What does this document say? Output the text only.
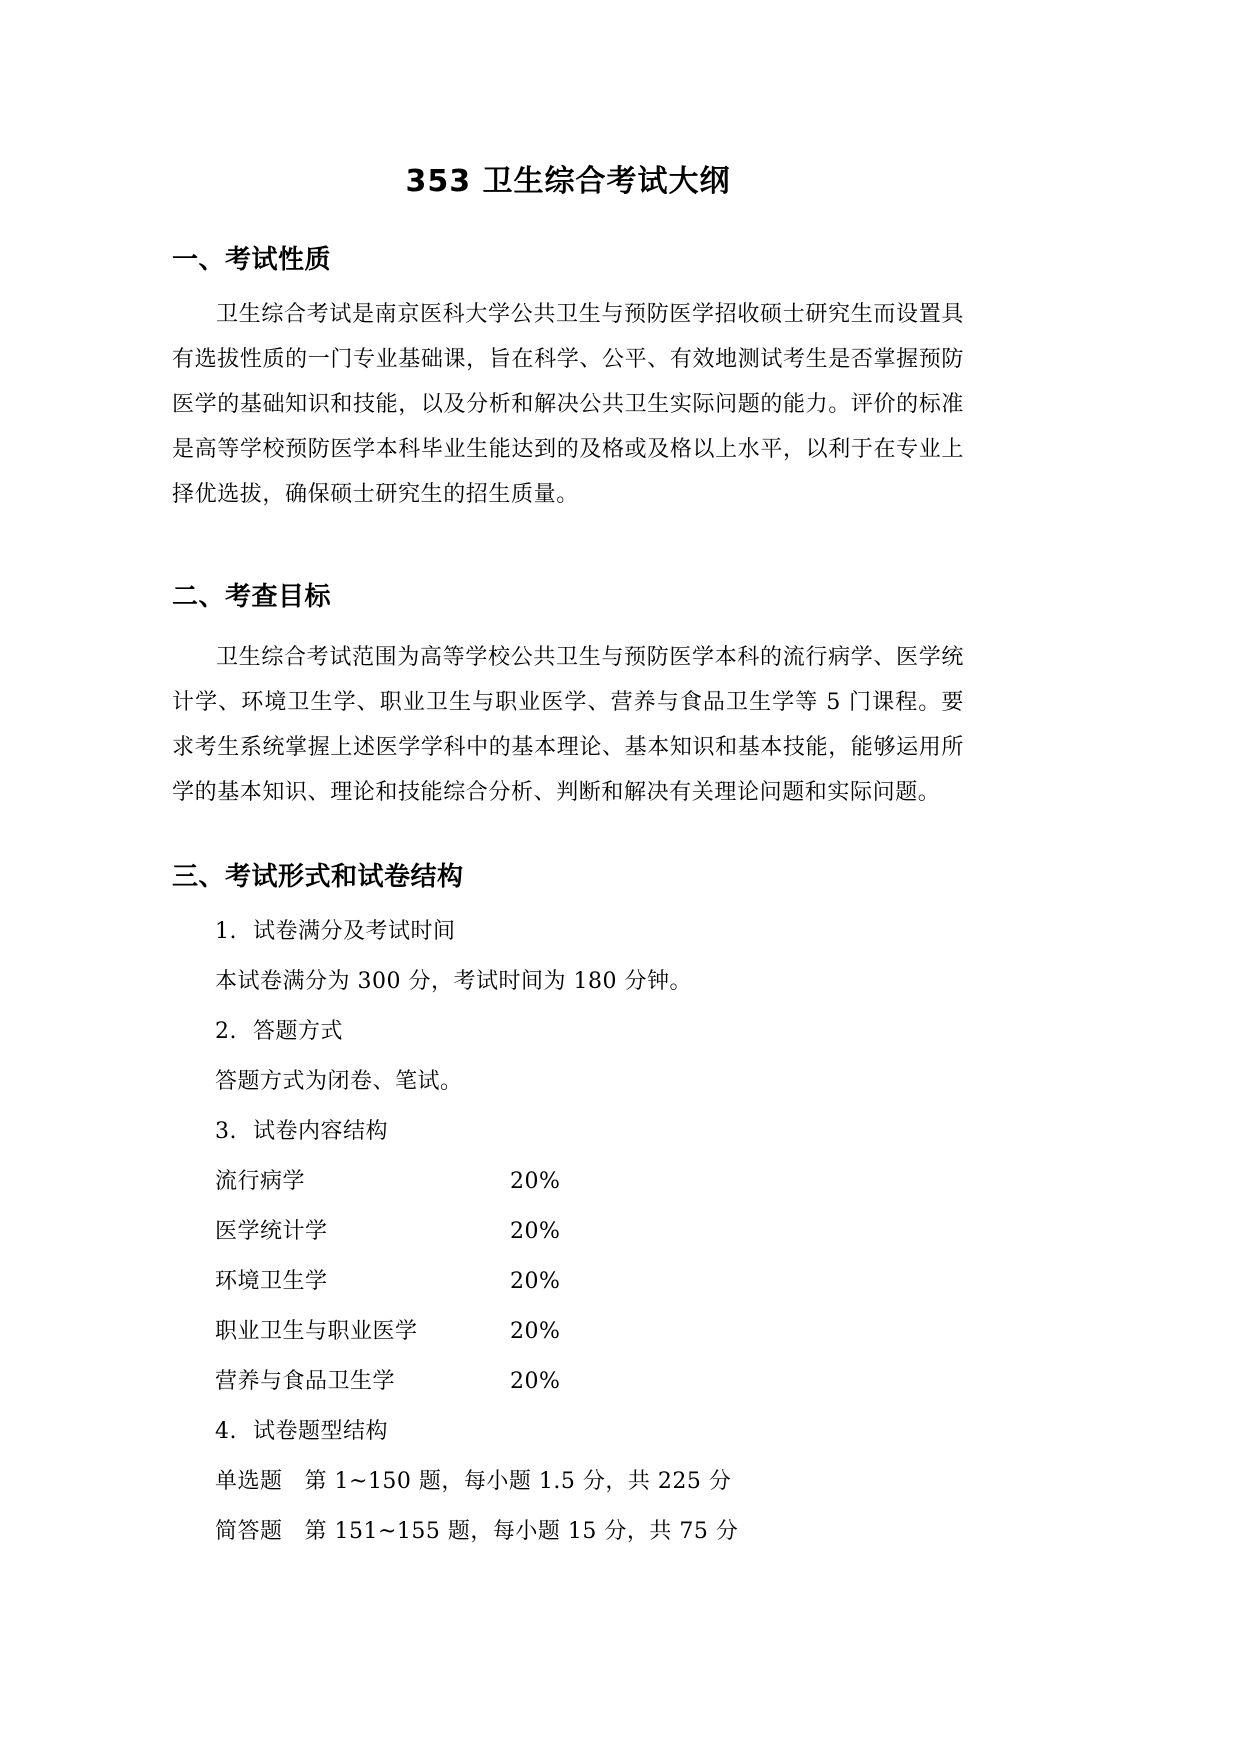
353 卫生综合考试大纲
一、考试性质

卫生综合考试是南京医科大学公共卫生与预防医学招收硕士研究生而设置具有选拔性质的一门专业基础课，旨在科学、公平、有效地测试考生是否掌握预防医学的基础知识和技能，以及分析和解决公共卫生实际问题的能力。评价的标准是高等学校预防医学本科毕业生能达到的及格或及格以上水平，以利于在专业上择优选拔，确保硕士研究生的招生质量。

二、考查目标

卫生综合考试范围为高等学校公共卫生与预防医学本科的流行病学、医学统计学、环境卫生学、职业卫生与职业医学、营养与食品卫生学等 5 门课程。要求考生系统掌握上述医学学科中的基本理论、基本知识和基本技能，能够运用所学的基本知识、理论和技能综合分析、判断和解决有关理论问题和实际问题。

三、考试形式和试卷结构
1. 试卷满分及考试时间
本试卷满分为 300 分，考试时间为 180 分钟。
2. 答题方式
答题方式为闭卷、笔试。
3. 试卷内容结构
流行病学	20%
医学统计学	20%
环境卫生学	20%
职业卫生与职业医学	20%
营养与食品卫生学	20%
4. 试卷题型结构
单选题 第 1~150 题，每小题 1.5 分，共 225 分
简答题 第 151~155 题，每小题 15 分，共 75 分
